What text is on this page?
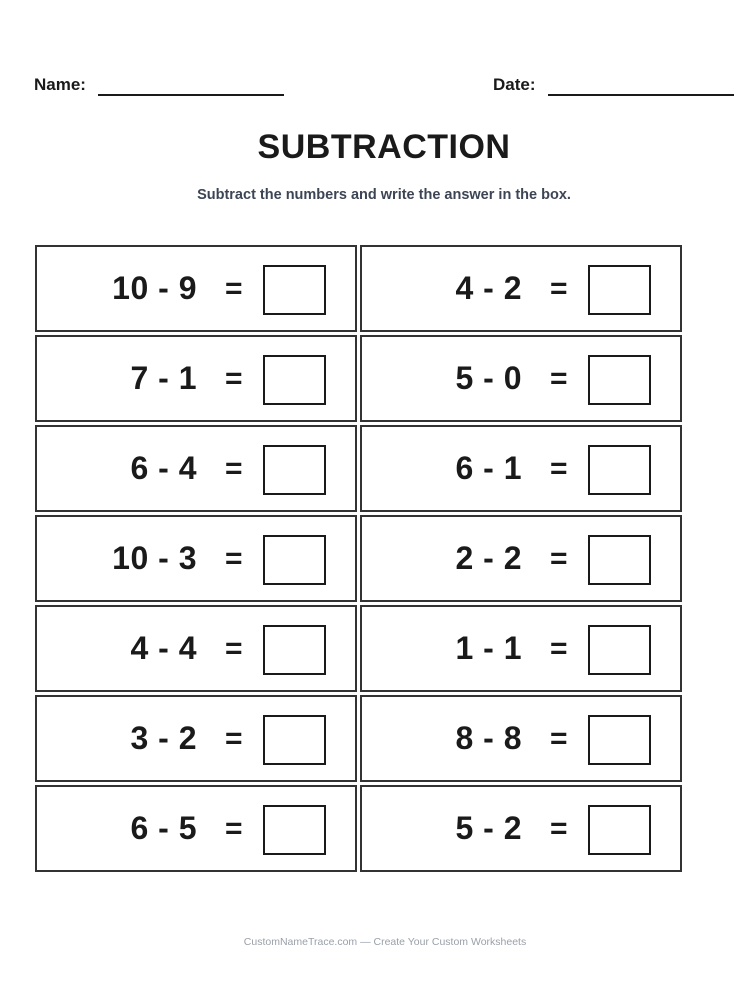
Name:	Date:
SUBTRACTION
Subtract the numbers and write the answer in the box.
10 - 9 =	4 - 2 =
7 - 1 =	5 - 0 =
6 - 4 =	6 - 1 =
10 - 3 =	2 - 2 =
4 - 4 =	1 - 1 =
3 - 2 =	8 - 8 =
6 - 5 =	5 - 2 =
CustomNameTrace.com — Create Your Custom Worksheets
